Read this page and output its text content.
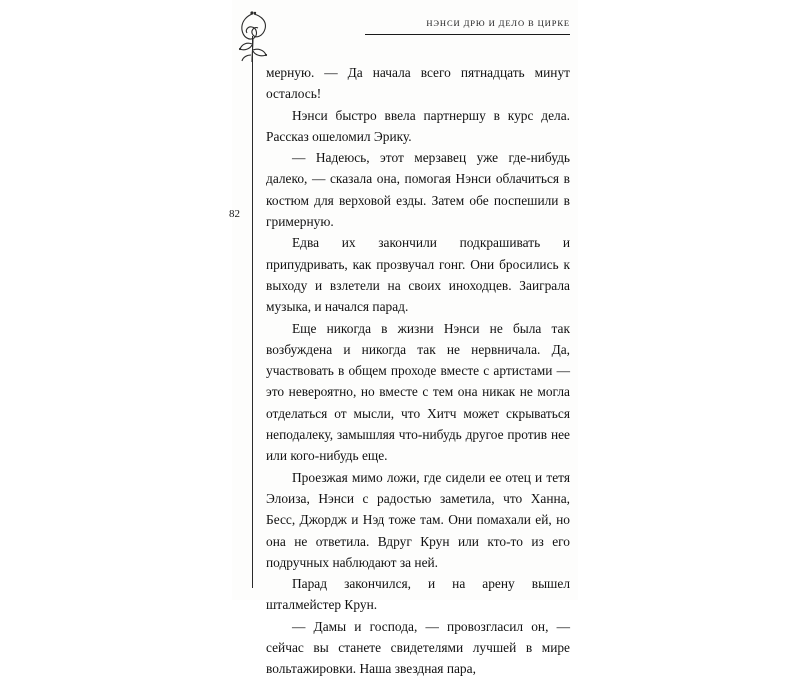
НЭНСИ ДРЮ И ДЕЛО В ЦИРКЕ
82

мерную. — Да начала всего пятнадцать минут осталось!

Нэнси быстро ввела партнершу в курс дела. Рассказ ошеломил Эрику.

— Надеюсь, этот мерзавец уже где-нибудь далеко, — сказала она, помогая Нэнси облачиться в костюм для верховой езды. Затем обе поспешили в гримерную.

Едва их закончили подкрашивать и припудривать, как прозвучал гонг. Они бросились к выходу и взлетели на своих иноходцев. Заиграла музыка, и начался парад.

Еще никогда в жизни Нэнси не была так возбуждена и никогда так не нервничала. Да, участвовать в общем проходе вместе с артистами — это невероятно, но вместе с тем она никак не могла отделаться от мысли, что Хитч может скрываться неподалеку, замышляя что-нибудь другое против нее или кого-нибудь еще.

Проезжая мимо ложи, где сидели ее отец и тетя Элоиза, Нэнси с радостью заметила, что Ханна, Бесс, Джордж и Нэд тоже там. Они помахали ей, но она не ответила. Вдруг Крун или кто-то из его подручных наблюдают за ней.

Парад закончился, и на арену вышел шталмейстер Крун.

— Дамы и господа, — провозгласил он, — сейчас вы станете свидетелями лучшей в мире вольтажировки. Наша звездная пара,
